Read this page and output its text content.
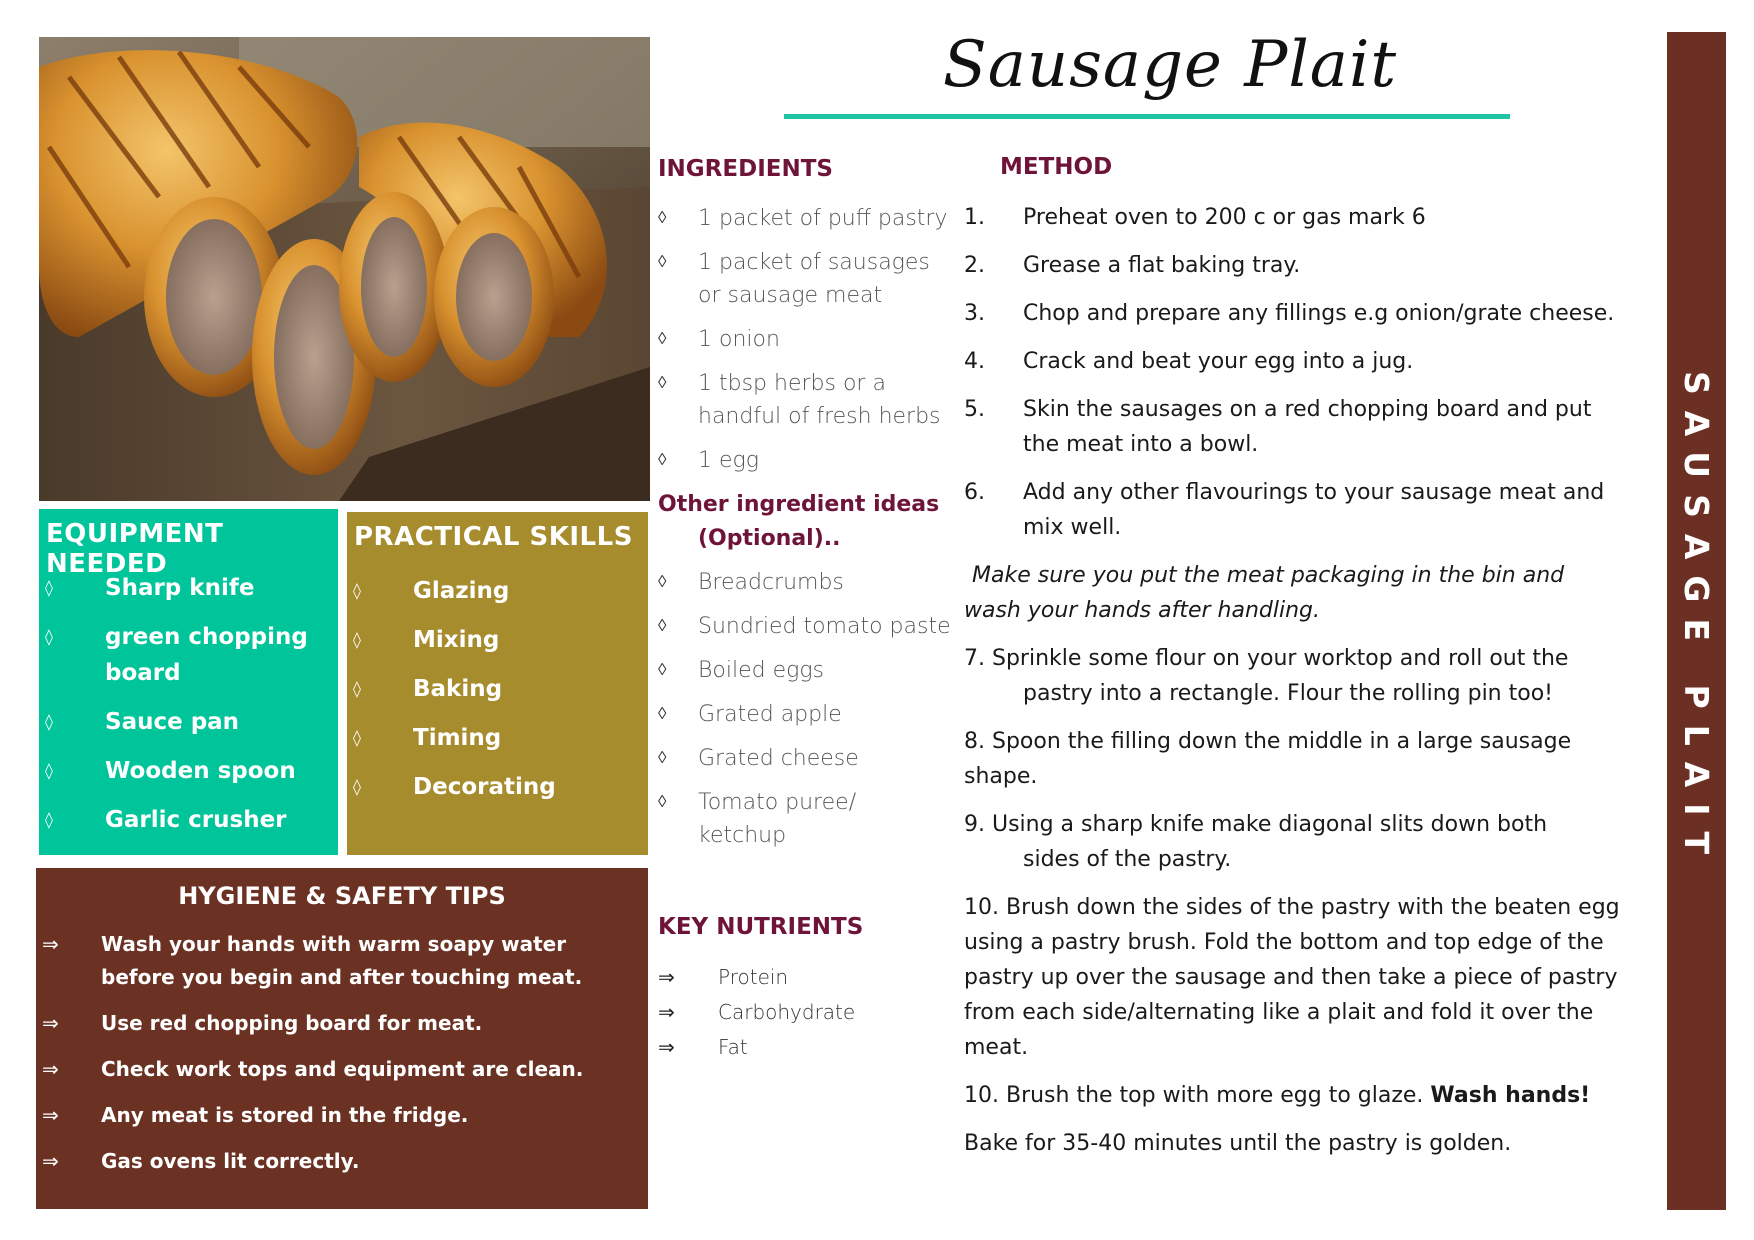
Sausage Plait
SAUSAGE PLAIT
INGREDIENTS
◊ 1 packet of puff pastry
◊ 1 packet of sausages or sausage meat
◊ 1 onion
◊ 1 tbsp herbs or a handful of fresh herbs
◊ 1 egg
Other ingredient ideas
(Optional)..
◊ Breadcrumbs
◊ Sundried tomato paste
◊ Boiled eggs
◊ Grated apple
◊ Grated cheese
◊ Tomato puree/ ketchup
KEY NUTRIENTS
⇒ Protein
⇒ Carbohydrate
⇒ Fat
METHOD
1. Preheat oven to 200 c or gas mark 6
2. Grease a flat baking tray.
3. Chop and prepare any fillings e.g onion/grate cheese.
4. Crack and beat your egg into a jug.
5. Skin the sausages on a red chopping board and put the meat into a bowl.
6. Add any other flavourings to your sausage meat and mix well.
Make sure you put the meat packaging in the bin and
wash your hands after handling.
7. Sprinkle some flour on your worktop and roll out the
pastry into a rectangle. Flour the rolling pin too!
8. Spoon the filling down the middle in a large sausage shape.
9. Using a sharp knife make diagonal slits down both
sides of the pastry.
10. Brush down the sides of the pastry with the beaten egg using a pastry brush. Fold the bottom and top edge of the pastry up over the sausage and then take a piece of pastry from each side/alternating like a plait and fold it over the meat.
10. Brush the top with more egg to glaze. Wash hands!
Bake for 35-40 minutes until the pastry is golden.
EQUIPMENT NEEDED
◊ Sharp knife
◊ green chopping board
◊ Sauce pan
◊ Wooden spoon
◊ Garlic crusher
PRACTICAL SKILLS
◊ Glazing
◊ Mixing
◊ Baking
◊ Timing
◊ Decorating
HYGIENE & SAFETY TIPS
⇒ Wash your hands with warm soapy water before you begin and after touching meat.
⇒ Use red chopping board for meat.
⇒ Check work tops and equipment are clean.
⇒ Any meat is stored in the fridge.
⇒ Gas ovens lit correctly.
